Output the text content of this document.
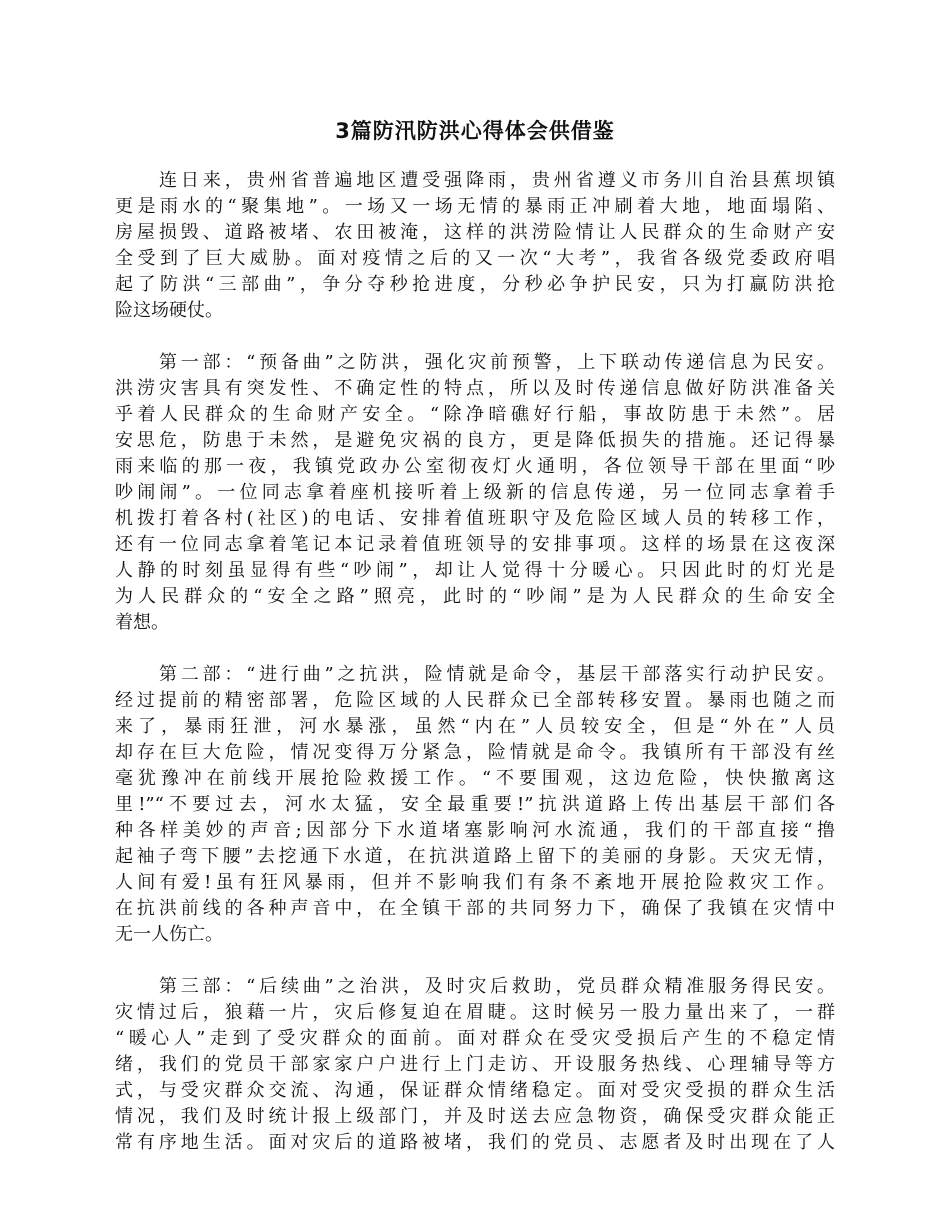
3篇防汛防洪心得体会供借鉴

连日来，贵州省普遍地区遭受强降雨，贵州省遵义市务川自治县蕉坝镇
更是雨水的“聚集地”。一场又一场无情的暴雨正冲刷着大地，地面塌陷、
房屋损毁、道路被堵、农田被淹，这样的洪涝险情让人民群众的生命财产安
全受到了巨大威胁。面对疫情之后的又一次“大考”，我省各级党委政府唱
起了防洪“三部曲”，争分夺秒抢进度，分秒必争护民安，只为打赢防洪抢
险这场硬仗。

第一部：“预备曲”之防洪，强化灾前预警，上下联动传递信息为民安。
洪涝灾害具有突发性、不确定性的特点，所以及时传递信息做好防洪准备关
乎着人民群众的生命财产安全。“除净暗礁好行船，事故防患于未然”。居
安思危，防患于未然，是避免灾祸的良方，更是降低损失的措施。还记得暴
雨来临的那一夜，我镇党政办公室彻夜灯火通明，各位领导干部在里面“吵
吵闹闹”。一位同志拿着座机接听着上级新的信息传递，另一位同志拿着手
机拨打着各村(社区)的电话、安排着值班职守及危险区域人员的转移工作，
还有一位同志拿着笔记本记录着值班领导的安排事项。这样的场景在这夜深
人静的时刻虽显得有些“吵闹”，却让人觉得十分暖心。只因此时的灯光是
为人民群众的“安全之路”照亮，此时的“吵闹”是为人民群众的生命安全
着想。

第二部：“进行曲”之抗洪，险情就是命令，基层干部落实行动护民安。
经过提前的精密部署，危险区域的人民群众已全部转移安置。暴雨也随之而
来了，暴雨狂泄，河水暴涨，虽然“内在”人员较安全，但是“外在”人员
却存在巨大危险，情况变得万分紧急，险情就是命令。我镇所有干部没有丝
毫犹豫冲在前线开展抢险救援工作。“不要围观，这边危险，快快撤离这
里!”“不要过去，河水太猛，安全最重要!”抗洪道路上传出基层干部们各
种各样美妙的声音;因部分下水道堵塞影响河水流通，我们的干部直接“撸
起袖子弯下腰”去挖通下水道，在抗洪道路上留下的美丽的身影。天灾无情，
人间有爱!虽有狂风暴雨，但并不影响我们有条不紊地开展抢险救灾工作。
在抗洪前线的各种声音中，在全镇干部的共同努力下，确保了我镇在灾情中
无一人伤亡。

第三部：“后续曲”之治洪，及时灾后救助，党员群众精准服务得民安。
灾情过后，狼藉一片，灾后修复迫在眉睫。这时候另一股力量出来了，一群
“暖心人”走到了受灾群众的面前。面对群众在受灾受损后产生的不稳定情
绪，我们的党员干部家家户户进行上门走访、开设服务热线、心理辅导等方
式，与受灾群众交流、沟通，保证群众情绪稳定。面对受灾受损的群众生活
情况，我们及时统计报上级部门，并及时送去应急物资，确保受灾群众能正
常有序地生活。面对灾后的道路被堵，我们的党员、志愿者及时出现在了人
